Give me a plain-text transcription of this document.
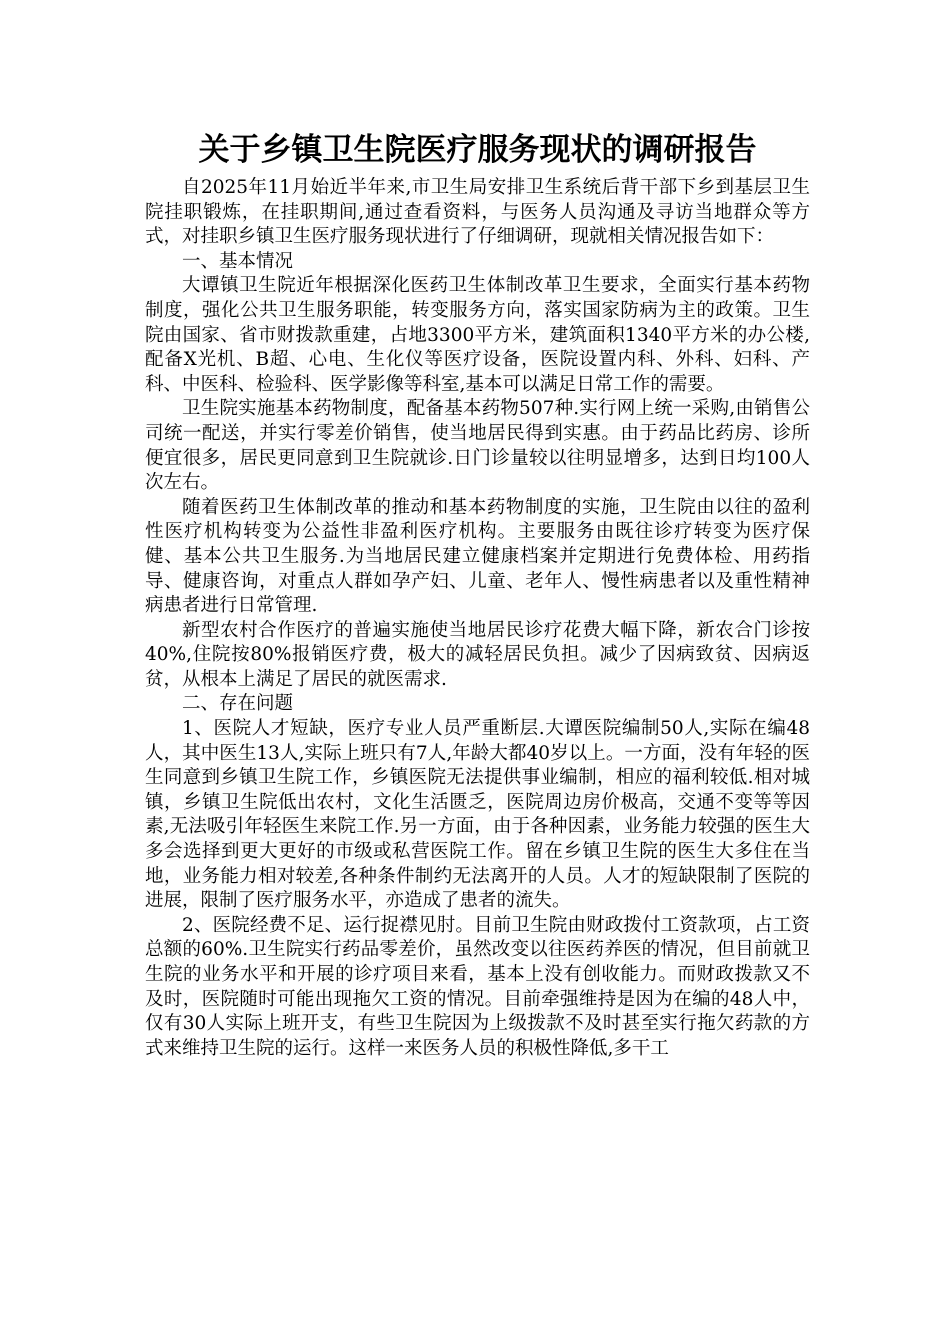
关于乡镇卫生院医疗服务现状的调研报告

自2025年11月始近半年来,市卫生局安排卫生系统后背干部下乡到基层卫生院挂职锻炼，在挂职期间,通过查看资料，与医务人员沟通及寻访当地群众等方式，对挂职乡镇卫生医疗服务现状进行了仔细调研，现就相关情况报告如下：

一、基本情况

大谭镇卫生院近年根据深化医药卫生体制改革卫生要求，全面实行基本药物制度，强化公共卫生服务职能，转变服务方向，落实国家防病为主的政策。卫生院由国家、省市财拨款重建，占地3300平方米，建筑面积1340平方米的办公楼,配备X光机、B超、心电、生化仪等医疗设备，医院设置内科、外科、妇科、产科、中医科、检验科、医学影像等科室,基本可以满足日常工作的需要。

卫生院实施基本药物制度，配备基本药物507种.实行网上统一采购,由销售公司统一配送，并实行零差价销售，使当地居民得到实惠。由于药品比药房、诊所便宜很多，居民更同意到卫生院就诊.日门诊量较以往明显增多，达到日均100人次左右。

随着医药卫生体制改革的推动和基本药物制度的实施，卫生院由以往的盈利性医疗机构转变为公益性非盈利医疗机构。主要服务由既往诊疗转变为医疗保健、基本公共卫生服务.为当地居民建立健康档案并定期进行免费体检、用药指导、健康咨询，对重点人群如孕产妇、儿童、老年人、慢性病患者以及重性精神病患者进行日常管理.

新型农村合作医疗的普遍实施使当地居民诊疗花费大幅下降，新农合门诊按40%,住院按80%报销医疗费，极大的减轻居民负担。减少了因病致贫、因病返贫，从根本上满足了居民的就医需求.

二、存在问题

1、医院人才短缺，医疗专业人员严重断层.大谭医院编制50人,实际在编48人，其中医生13人,实际上班只有7人,年龄大都40岁以上。一方面，没有年轻的医生同意到乡镇卫生院工作，乡镇医院无法提供事业编制，相应的福利较低.相对城镇，乡镇卫生院低出农村，文化生活匮乏，医院周边房价极高，交通不变等等因素,无法吸引年轻医生来院工作.另一方面，由于各种因素，业务能力较强的医生大多会选择到更大更好的市级或私营医院工作。留在乡镇卫生院的医生大多住在当地，业务能力相对较差,各种条件制约无法离开的人员。人才的短缺限制了医院的进展，限制了医疗服务水平，亦造成了患者的流失。

2、医院经费不足、运行捉襟见肘。目前卫生院由财政拨付工资款项，占工资总额的60%.卫生院实行药品零差价，虽然改变以往医药养医的情况，但目前就卫生院的业务水平和开展的诊疗项目来看，基本上没有创收能力。而财政拨款又不及时，医院随时可能出现拖欠工资的情况。目前牵强维持是因为在编的48人中，仅有30人实际上班开支，有些卫生院因为上级拨款不及时甚至实行拖欠药款的方式来维持卫生院的运行。这样一来医务人员的积极性降低,多干工
